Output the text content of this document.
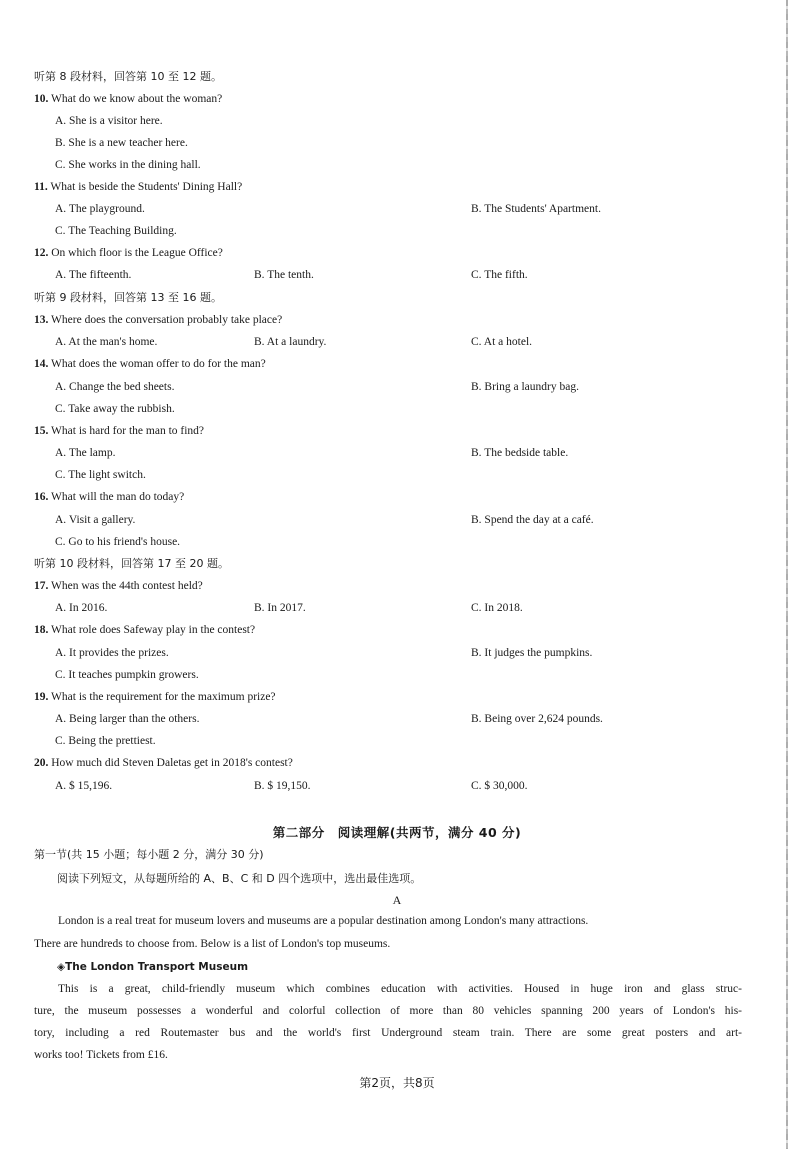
听第 8 段材料，回答第 10 至 12 题。
10. What do we know about the woman?
A. She is a visitor here.
B. She is a new teacher here.
C. She works in the dining hall.
11. What is beside the Students' Dining Hall?
A. The playground.	B. The Students' Apartment.
C. The Teaching Building.
12. On which floor is the League Office?
A. The fifteenth.	B. The tenth.	C. The fifth.
听第 9 段材料，回答第 13 至 16 题。
13. Where does the conversation probably take place?
A. At the man's home.	B. At a laundry.	C. At a hotel.
14. What does the woman offer to do for the man?
A. Change the bed sheets.	B. Bring a laundry bag.
C. Take away the rubbish.
15. What is hard for the man to find?
A. The lamp.	B. The bedside table.
C. The light switch.
16. What will the man do today?
A. Visit a gallery.	B. Spend the day at a café.
C. Go to his friend's house.
听第 10 段材料，回答第 17 至 20 题。
17. When was the 44th contest held?
A. In 2016.	B. In 2017.	C. In 2018.
18. What role does Safeway play in the contest?
A. It provides the prizes.	B. It judges the pumpkins.
C. It teaches pumpkin growers.
19. What is the requirement for the maximum prize?
A. Being larger than the others.	B. Being over 2,624 pounds.
C. Being the prettiest.
20. How much did Steven Daletas get in 2018's contest?
A. $ 15,196.	B. $ 19,150.	C. $ 30,000.
第二部分　阅读理解(共两节，满分 40 分)
第一节(共 15 小题；每小题 2 分，满分 30 分)
阅读下列短文，从每题所给的 A、B、C 和 D 四个选项中，选出最佳选项。
A
London is a real treat for museum lovers and museums are a popular destination among London's many attractions.
There are hundreds to choose from. Below is a list of London's top museums.
◈The London Transport Museum
This is a great, child-friendly museum which combines education with activities. Housed in huge iron and glass struc-
ture, the museum possesses a wonderful and colorful collection of more than 80 vehicles spanning 200 years of London's his-
tory, including a red Routemaster bus and the world's first Underground steam train. There are some great posters and art-
works too! Tickets from £16.
第2页，共8页
